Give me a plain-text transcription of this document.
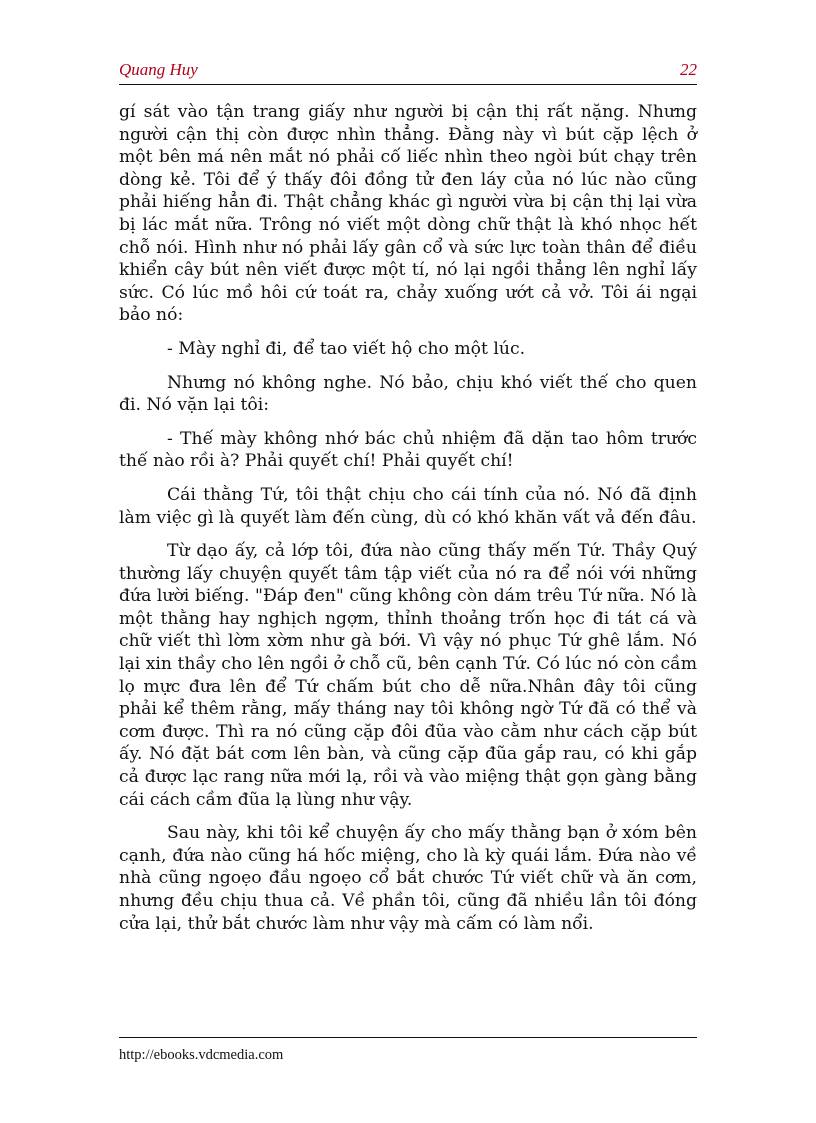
Quang Huy	22

gí sát vào tận trang giấy như người bị cận thị rất nặng. Nhưng người cận thị còn được nhìn thẳng. Đằng này vì bút cặp lệch ở một bên má nên mắt nó phải cố liếc nhìn theo ngòi bút chạy trên dòng kẻ. Tôi để ý thấy đôi đồng tử đen láy của nó lúc nào cũng phải hiếng hẳn đi. Thật chẳng khác gì người vừa bị cận thị lại vừa bị lác mắt nữa. Trông nó viết một dòng chữ thật là khó nhọc hết chỗ nói. Hình như nó phải lấy gân cổ và sức lực toàn thân để điều khiển cây bút nên viết được một tí, nó lại ngồi thẳng lên nghỉ lấy sức. Có lúc mồ hôi cứ toát ra, chảy xuống ướt cả vở. Tôi ái ngại bảo nó:

- Mày nghỉ đi, để tao viết hộ cho một lúc.

Nhưng nó không nghe. Nó bảo, chịu khó viết thế cho quen đi. Nó vặn lại tôi:

- Thế mày không nhớ bác chủ nhiệm đã dặn tao hôm trước thế nào rồi à? Phải quyết chí! Phải quyết chí!

Cái thằng Tứ, tôi thật chịu cho cái tính của nó. Nó đã định làm việc gì là quyết làm đến cùng, dù có khó khăn vất vả đến đâu.

Từ dạo ấy, cả lớp tôi, đứa nào cũng thấy mến Tứ. Thầy Quý thường lấy chuyện quyết tâm tập viết của nó ra để nói với những đứa lười biếng. "Đáp đen" cũng không còn dám trêu Tứ nữa. Nó là một thằng hay nghịch ngợm, thỉnh thoảng trốn học đi tát cá và chữ viết thì lờm xờm như gà bới. Vì vậy nó phục Tứ ghê lắm. Nó lại xin thầy cho lên ngồi ở chỗ cũ, bên cạnh Tứ. Có lúc nó còn cầm lọ mực đưa lên để Tứ chấm bút cho dễ nữa.Nhân đây tôi cũng phải kể thêm rằng, mấy tháng nay tôi không ngờ Tứ đã có thể và cơm được. Thì ra nó cũng cặp đôi đũa vào cằm như cách cặp bút ấy. Nó đặt bát cơm lên bàn, và cũng cặp đũa gắp rau, có khi gắp cả được lạc rang nữa mới lạ, rồi và vào miệng thật gọn gàng bằng cái cách cầm đũa lạ lùng như vậy.

Sau này, khi tôi kể chuyện ấy cho mấy thằng bạn ở xóm bên cạnh, đứa nào cũng há hốc miệng, cho là kỳ quái lắm. Đứa nào về nhà cũng ngoẹo đầu ngoẹo cổ bắt chước Tứ viết chữ và ăn cơm, nhưng đều chịu thua cả. Về phần tôi, cũng đã nhiều lần tôi đóng cửa lại, thử bắt chước làm như vậy mà cấm có làm nổi.

http://ebooks.vdcmedia.com
